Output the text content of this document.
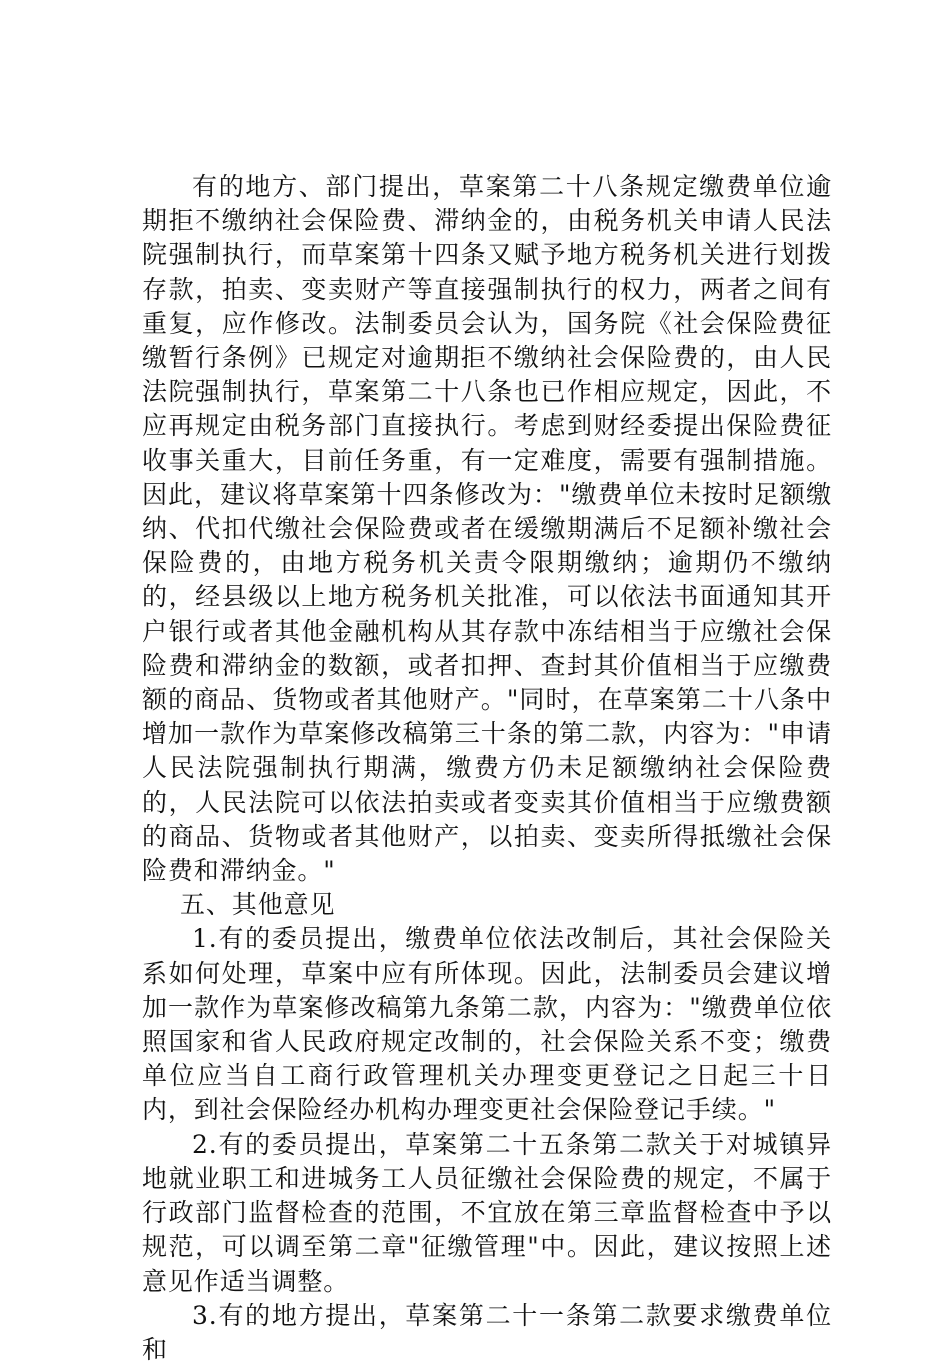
有的地方、部门提出，草案第二十八条规定缴费单位逾期拒不缴纳社会保险费、滞纳金的，由税务机关申请人民法院强制执行，而草案第十四条又赋予地方税务机关进行划拨存款，拍卖、变卖财产等直接强制执行的权力，两者之间有重复，应作修改。法制委员会认为，国务院《社会保险费征缴暂行条例》已规定对逾期拒不缴纳社会保险费的，由人民法院强制执行，草案第二十八条也已作相应规定，因此，不应再规定由税务部门直接执行。考虑到财经委提出保险费征收事关重大，目前任务重，有一定难度，需要有强制措施。因此，建议将草案第十四条修改为："缴费单位未按时足额缴纳、代扣代缴社会保险费或者在缓缴期满后不足额补缴社会保险费的，由地方税务机关责令限期缴纳；逾期仍不缴纳的，经县级以上地方税务机关批准，可以依法书面通知其开户银行或者其他金融机构从其存款中冻结相当于应缴社会保险费和滞纳金的数额，或者扣押、查封其价值相当于应缴费额的商品、货物或者其他财产。"同时，在草案第二十八条中增加一款作为草案修改稿第三十条的第二款，内容为："申请人民法院强制执行期满，缴费方仍未足额缴纳社会保险费的，人民法院可以依法拍卖或者变卖其价值相当于应缴费额的商品、货物或者其他财产，以拍卖、变卖所得抵缴社会保险费和滞纳金。"

五、其他意见

1.有的委员提出，缴费单位依法改制后，其社会保险关系如何处理，草案中应有所体现。因此，法制委员会建议增加一款作为草案修改稿第九条第二款，内容为："缴费单位依照国家和省人民政府规定改制的，社会保险关系不变；缴费单位应当自工商行政管理机关办理变更登记之日起三十日内，到社会保险经办机构办理变更社会保险登记手续。"

2.有的委员提出，草案第二十五条第二款关于对城镇异地就业职工和进城务工人员征缴社会保险费的规定，不属于行政部门监督检查的范围，不宜放在第三章监督检查中予以规范，可以调至第二章"征缴管理"中。因此，建议按照上述意见作适当调整。

3.有的地方提出，草案第二十一条第二款要求缴费单位和
